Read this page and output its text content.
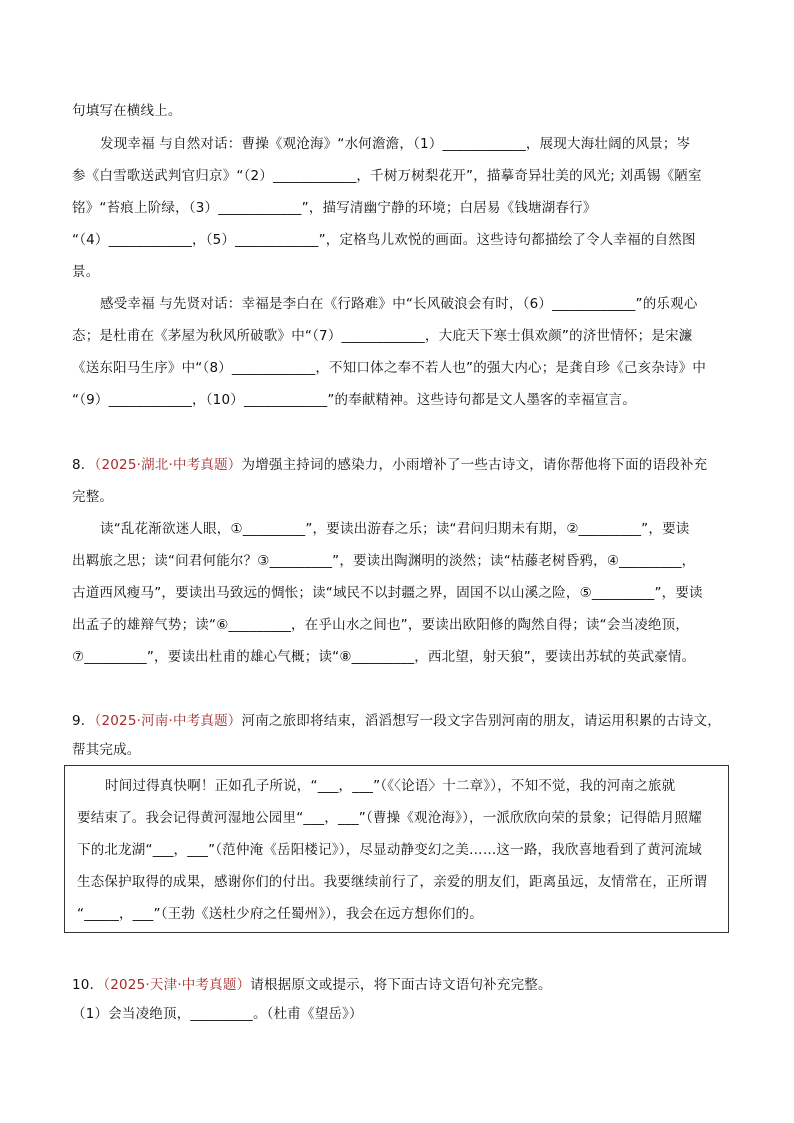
句填写在横线上。
发现幸福 与自然对话：曹操《观沧海》“水何澹澹，（1）____________，展现大海壮阔的风景；岑
参《白雪歌送武判官归京》“（2）____________，千树万树梨花开”，描摹奇异壮美的风光; 刘禹锡《陋室
铭》“苔痕上阶绿，（3）____________”，描写清幽宁静的环境；白居易《钱塘湖春行》
“（4）____________，（5）____________”，定格鸟儿欢悦的画面。这些诗句都描绘了令人幸福的自然图
景。
感受幸福 与先贤对话：幸福是李白在《行路难》中“长风破浪会有时，（6）____________”的乐观心
态；是杜甫在《茅屋为秋风所破歌》中“（7）____________，大庇天下寒士俱欢颜”的济世情怀；是宋濂
《送东阳马生序》中“（8）____________，不知口体之奉不若人也”的强大内心；是龚自珍《己亥杂诗》中
“（9）____________，（10）____________”的奉献精神。这些诗句都是文人墨客的幸福宣言。
8．（2025·湖北·中考真题）为增强主持词的感染力，小雨增补了一些古诗文，请你帮他将下面的语段补充
完整。
读“乱花渐欲迷人眼，①_________”，要读出游春之乐；读“君问归期未有期，②_________”，要读
出羁旅之思；读“问君何能尔？③_________”，要读出陶渊明的淡然；读“枯藤老树昏鸦，④_________，
古道西风瘦马”，要读出马致远的惆怅；读“域民不以封疆之界，固国不以山溪之险，⑤_________”，要读
出孟子的雄辩气势；读“⑥_________，在乎山水之间也”，要读出欧阳修的陶然自得；读“会当凌绝顶，
⑦_________”，要读出杜甫的雄心气概；读“⑧_________，西北望，射天狼”，要读出苏轼的英武豪情。
9．（2025·河南·中考真题）河南之旅即将结束，滔滔想写一段文字告别河南的朋友，请运用积累的古诗文，
帮其完成。
时间过得真快啊！正如孔子所说，“___，___”（《〈论语〉十二章》），不知不觉，我的河南之旅就
要结束了。我会记得黄河湿地公园里“___，___”（曹操《观沧海》），一派欣欣向荣的景象；记得皓月照耀
下的北龙湖“___，___”（范仲淹《岳阳楼记》），尽显动静变幻之美……这一路，我欣喜地看到了黄河流域
生态保护取得的成果，感谢你们的付出。我要继续前行了，亲爱的朋友们，距离虽远，友情常在，正所谓
“_____，___”（王勃《送杜少府之任蜀州》），我会在远方想你们的。
10．（2025·天津·中考真题）请根据原文或提示，将下面古诗文语句补充完整。
（1）会当凌绝顶，_________。（杜甫《望岳》）
